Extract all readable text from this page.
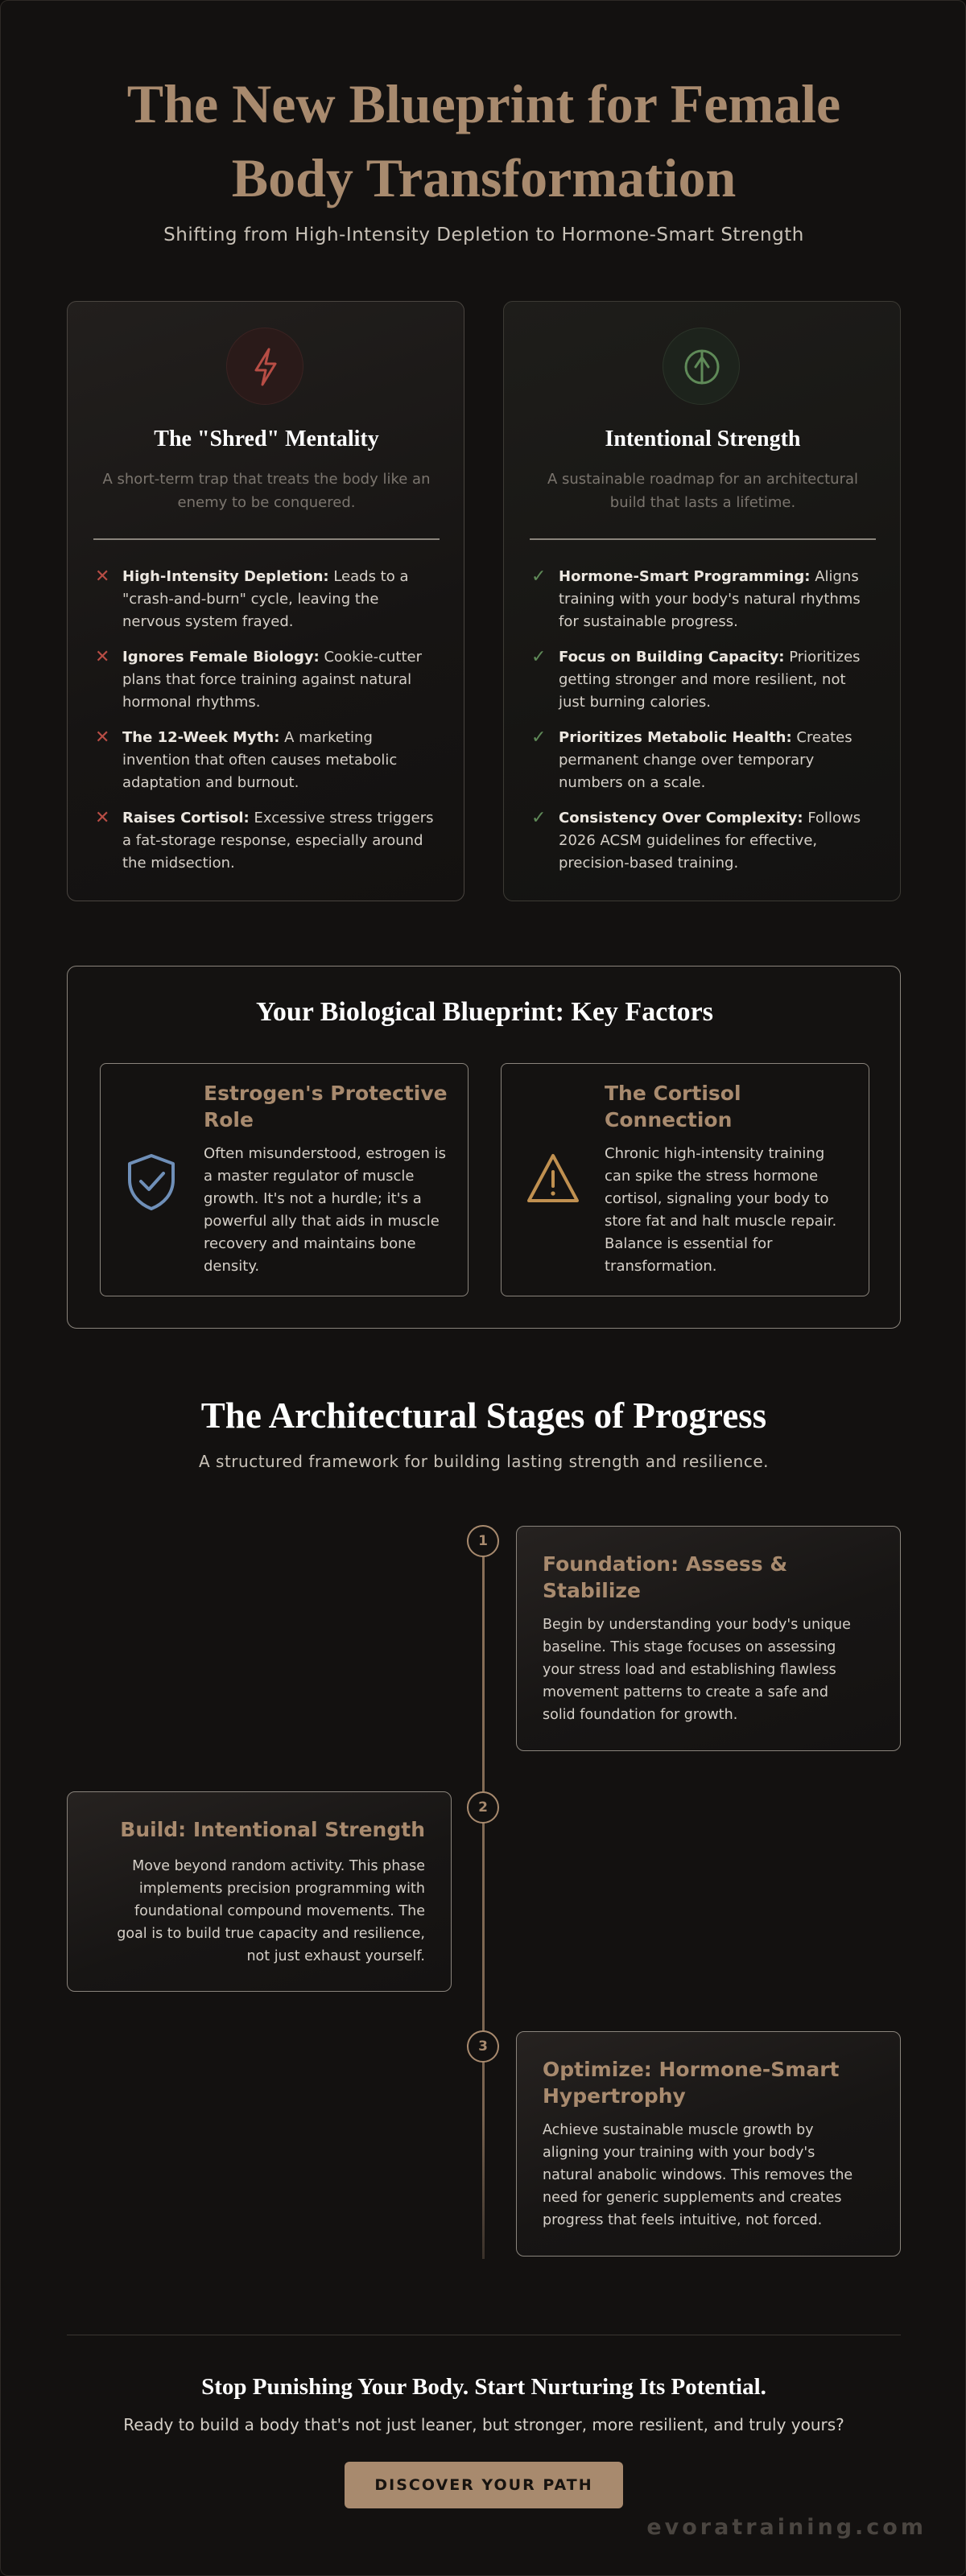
The New Blueprint for Female
Body Transformation
Shifting from High-Intensity Depletion to Hormone-Smart Strength
The "Shred" Mentality
A short-term trap that treats the body like an
enemy to be conquered.
✕ High-Intensity Depletion: Leads to a
"crash-and-burn" cycle, leaving the
nervous system frayed.
✕ Ignores Female Biology: Cookie-cutter
plans that force training against natural
hormonal rhythms.
✕ The 12-Week Myth: A marketing
invention that often causes metabolic
adaptation and burnout.
✕ Raises Cortisol: Excessive stress triggers
a fat-storage response, especially around
the midsection.
Intentional Strength
A sustainable roadmap for an architectural
build that lasts a lifetime.
✓ Hormone-Smart Programming: Aligns
training with your body's natural rhythms
for sustainable progress.
✓ Focus on Building Capacity: Prioritizes
getting stronger and more resilient, not
just burning calories.
✓ Prioritizes Metabolic Health: Creates
permanent change over temporary
numbers on a scale.
✓ Consistency Over Complexity: Follows
2026 ACSM guidelines for effective,
precision-based training.
Your Biological Blueprint: Key Factors
Estrogen's Protective
Role
Often misunderstood, estrogen is
a master regulator of muscle
growth. It's not a hurdle; it's a
powerful ally that aids in muscle
recovery and maintains bone
density.
The Cortisol
Connection
Chronic high-intensity training
can spike the stress hormone
cortisol, signaling your body to
store fat and halt muscle repair.
Balance is essential for
transformation.
The Architectural Stages of Progress
A structured framework for building lasting strength and resilience.
1
2
3
Foundation: Assess &
Stabilize
Begin by understanding your body's unique
baseline. This stage focuses on assessing
your stress load and establishing flawless
movement patterns to create a safe and
solid foundation for growth.
Build: Intentional Strength
Move beyond random activity. This phase
implements precision programming with
foundational compound movements. The
goal is to build true capacity and resilience,
not just exhaust yourself.
Optimize: Hormone-Smart
Hypertrophy
Achieve sustainable muscle growth by
aligning your training with your body's
natural anabolic windows. This removes the
need for generic supplements and creates
progress that feels intuitive, not forced.
Stop Punishing Your Body. Start Nurturing Its Potential.
Ready to build a body that's not just leaner, but stronger, more resilient, and truly yours?
DISCOVER YOUR PATH
evoratraining.com
